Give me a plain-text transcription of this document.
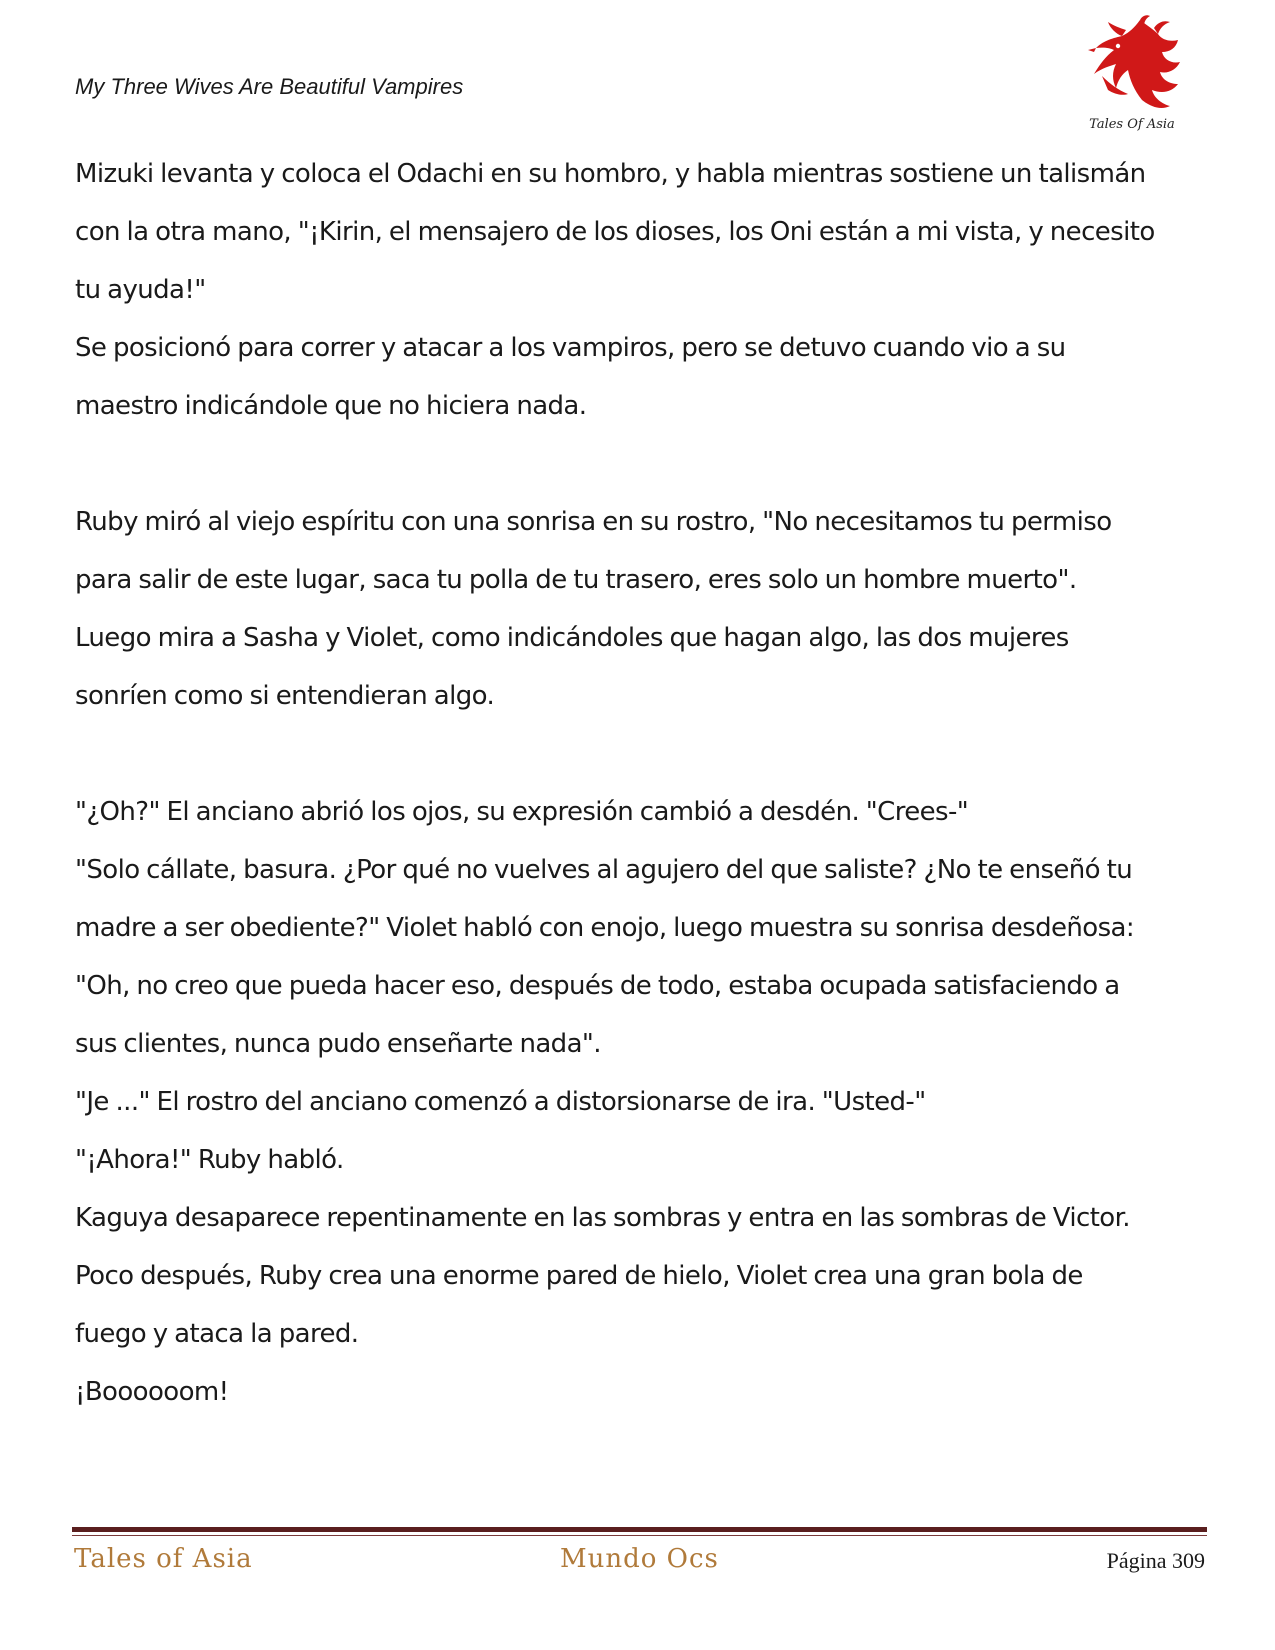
My Three Wives Are Beautiful Vampires
Tales Of Asia
Mizuki levanta y coloca el Odachi en su hombro, y habla mientras sostiene un talismán
con la otra mano, "¡Kirin, el mensajero de los dioses, los Oni están a mi vista, y necesito
tu ayuda!"
Se posicionó para correr y atacar a los vampiros, pero se detuvo cuando vio a su
maestro indicándole que no hiciera nada.
Ruby miró al viejo espíritu con una sonrisa en su rostro, "No necesitamos tu permiso
para salir de este lugar, saca tu polla de tu trasero, eres solo un hombre muerto".
Luego mira a Sasha y Violet, como indicándoles que hagan algo, las dos mujeres
sonríen como si entendieran algo.
"¿Oh?" El anciano abrió los ojos, su expresión cambió a desdén. "Crees-"
"Solo cállate, basura. ¿Por qué no vuelves al agujero del que saliste? ¿No te enseñó tu
madre a ser obediente?" Violet habló con enojo, luego muestra su sonrisa desdeñosa:
"Oh, no creo que pueda hacer eso, después de todo, estaba ocupada satisfaciendo a
sus clientes, nunca pudo enseñarte nada".
"Je ..." El rostro del anciano comenzó a distorsionarse de ira. "Usted-"
"¡Ahora!" Ruby habló.
Kaguya desaparece repentinamente en las sombras y entra en las sombras de Victor.
Poco después, Ruby crea una enorme pared de hielo, Violet crea una gran bola de
fuego y ataca la pared.
¡Boooooom!
Tales of Asia	Mundo Ocs	Página 309
